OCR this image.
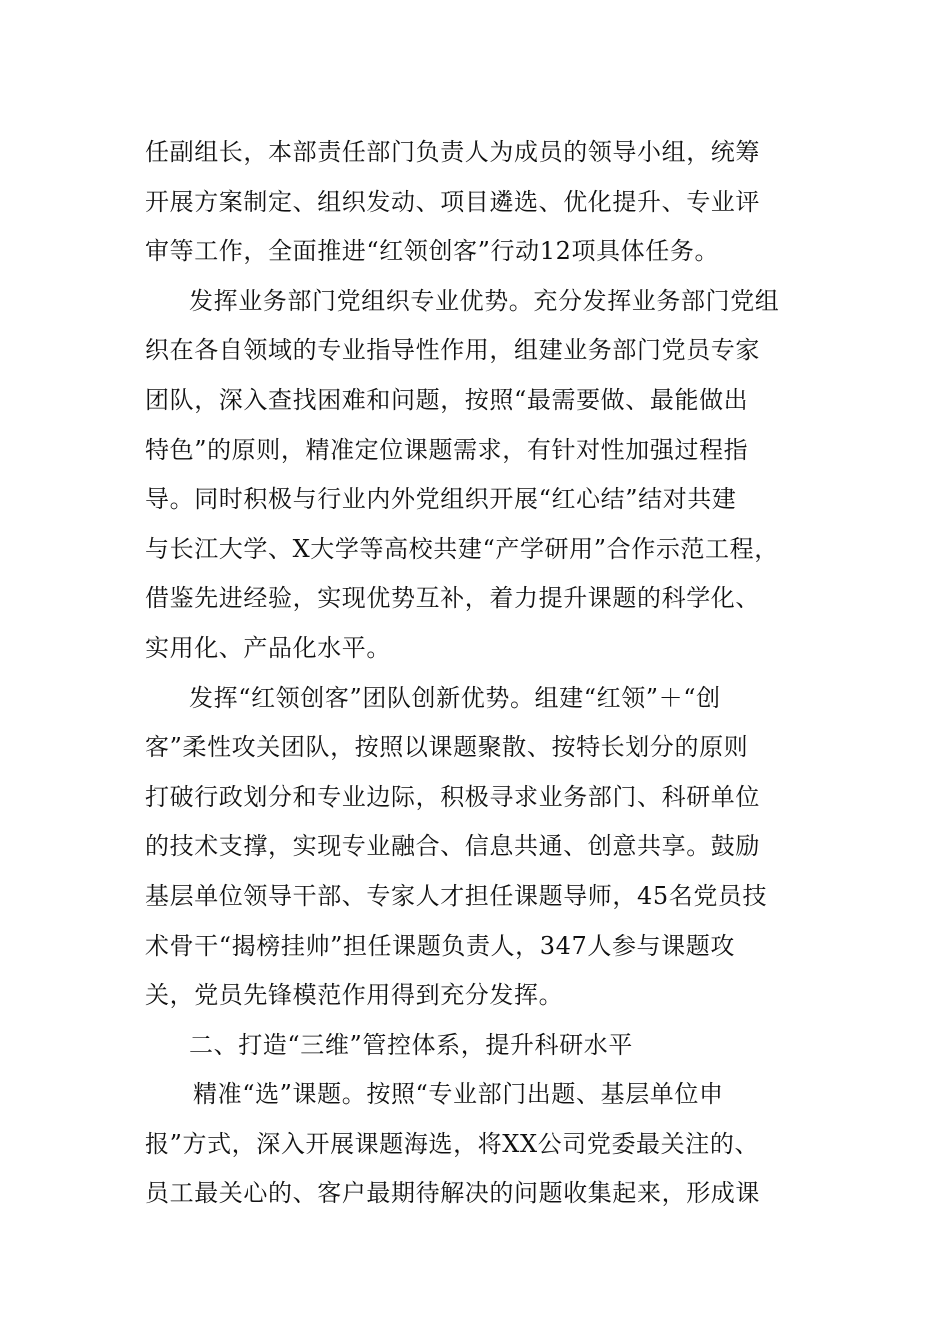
任副组长，本部责任部门负责人为成员的领导小组，统筹
开展方案制定、组织发动、项目遴选、优化提升、专业评
审等工作，全面推进“红领创客”行动12项具体任务。
发挥业务部门党组织专业优势。充分发挥业务部门党组
织在各自领域的专业指导性作用，组建业务部门党员专家
团队，深入查找困难和问题，按照“最需要做、最能做出
特色”的原则，精准定位课题需求，有针对性加强过程指
导。同时积极与行业内外党组织开展“红心结”结对共建
与长江大学、X大学等高校共建“产学研用”合作示范工程，
借鉴先进经验，实现优势互补，着力提升课题的科学化、
实用化、产品化水平。
发挥“红领创客”团队创新优势。组建“红领”＋“创
客”柔性攻关团队，按照以课题聚散、按特长划分的原则
打破行政划分和专业边际，积极寻求业务部门、科研单位
的技术支撑，实现专业融合、信息共通、创意共享。鼓励
基层单位领导干部、专家人才担任课题导师，45名党员技
术骨干“揭榜挂帅”担任课题负责人，347人参与课题攻
关，党员先锋模范作用得到充分发挥。
二、打造“三维”管控体系，提升科研水平
精准“选”课题。按照“专业部门出题、基层单位申
报”方式，深入开展课题海选，将XX公司党委最关注的、
员工最关心的、客户最期待解决的问题收集起来，形成课
